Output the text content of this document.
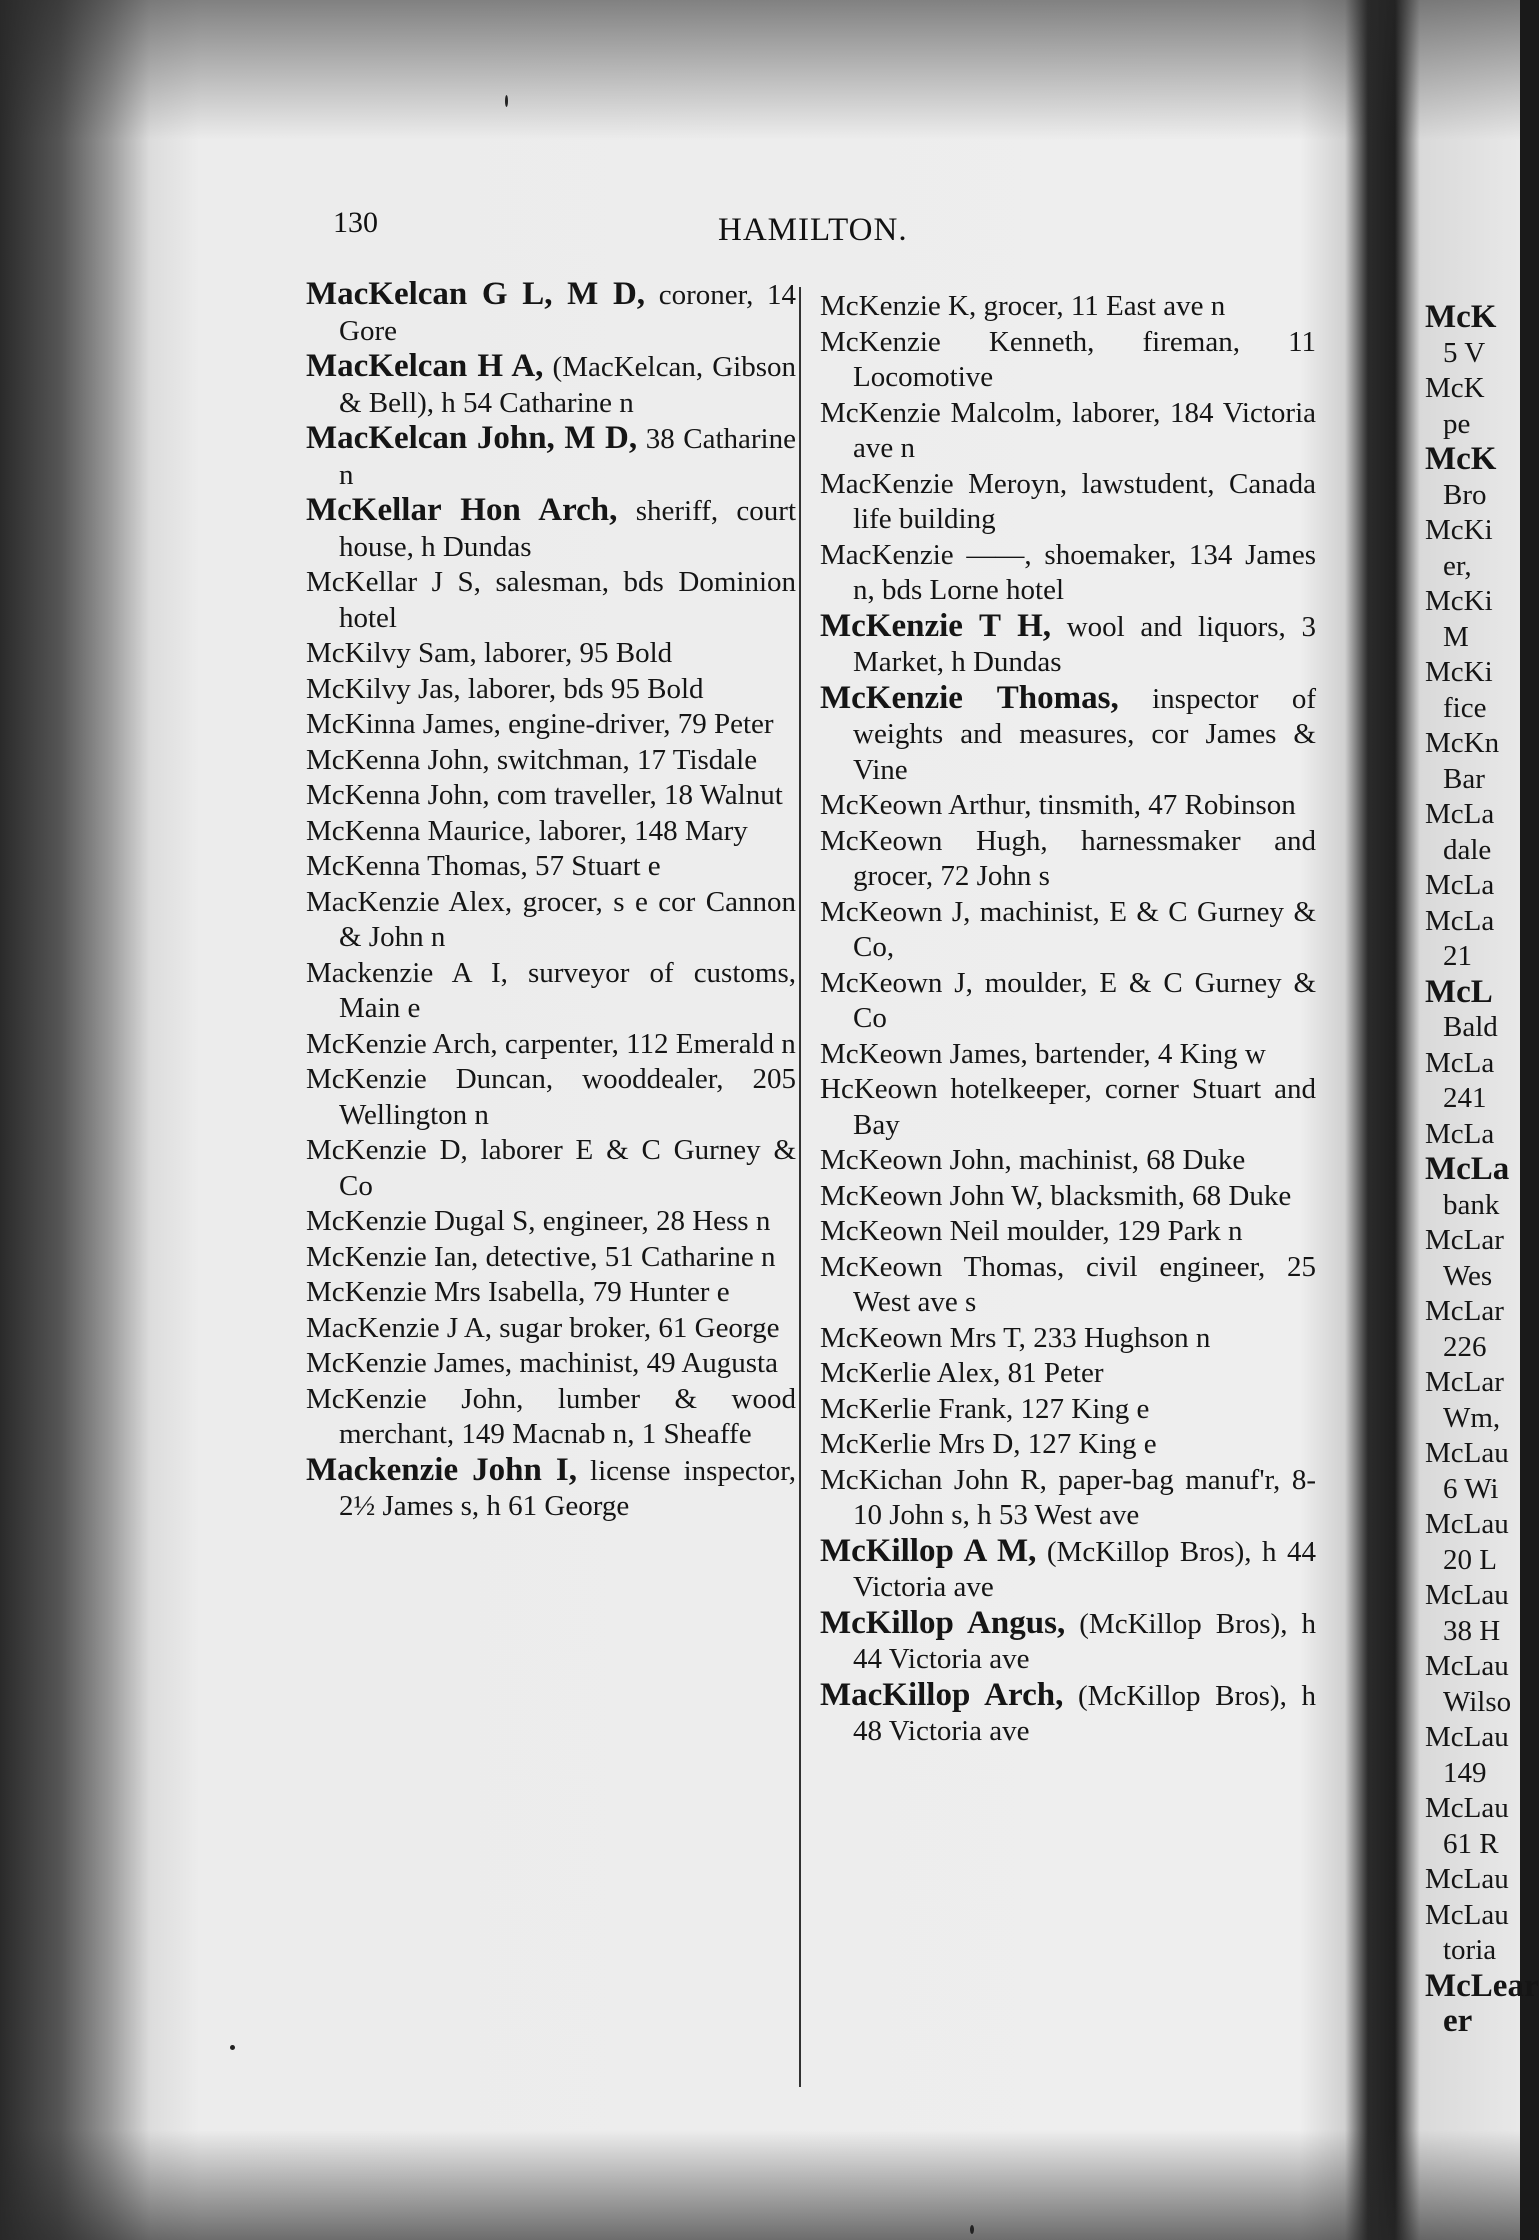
130	HAMILTON.
MacKelcan G L, M D, coroner, 14 Gore
MacKelcan H A, (MacKelcan, Gibson & Bell), h 54 Catharine n
MacKelcan John, M D, 38 Catharine n
McKellar Hon Arch, sheriff, court house, h Dundas
McKellar J S, salesman, bds Dominion hotel
McKilvy Sam, laborer, 95 Bold
McKilvy Jas, laborer, bds 95 Bold
McKinna James, engine-driver, 79 Peter
McKenna John, switchman, 17 Tisdale
McKenna John, com traveller, 18 Walnut
McKenna Maurice, laborer, 148 Mary
McKenna Thomas, 57 Stuart e
MacKenzie Alex, grocer, s e cor Cannon & John n
Mackenzie A I, surveyor of customs, Main e
McKenzie Arch, carpenter, 112 Emerald n
McKenzie Duncan, wooddealer, 205 Wellington n
McKenzie D, laborer E & C Gurney & Co
McKenzie Dugal S, engineer, 28 Hess n
McKenzie Ian, detective, 51 Catharine n
McKenzie Mrs Isabella, 79 Hunter e
MacKenzie J A, sugar broker, 61 George
McKenzie James, machinist, 49 Augusta
McKenzie John, lumber & wood merchant, 149 Macnab n, 1 Sheaffe
Mackenzie John I, license inspector, 2½ James s, h 61 George
McKenzie K, grocer, 11 East ave n
McKenzie Kenneth, fireman, 11 Locomotive
McKenzie Malcolm, laborer, 184 Victoria ave n
MacKenzie Meroyn, lawstudent, Canada life building
MacKenzie ——, shoemaker, 134 James n, bds Lorne hotel
McKenzie T H, wool and liquors, 3 Market, h Dundas
McKenzie Thomas, inspector of weights and measures, cor James & Vine
McKeown Arthur, tinsmith, 47 Robinson
McKeown Hugh, harnessmaker and grocer, 72 John s
McKeown J, machinist, E & C Gurney & Co,
McKeown J, moulder, E & C Gurney & Co
McKeown James, bartender, 4 King w
HcKeown hotelkeeper, corner Stuart and Bay
McKeown John, machinist, 68 Duke
McKeown John W, blacksmith, 68 Duke
McKeown Neil moulder, 129 Park n
McKeown Thomas, civil engineer, 25 West ave s
McKeown Mrs T, 233 Hughson n
McKerlie Alex, 81 Peter
McKerlie Frank, 127 King e
McKerlie Mrs D, 127 King e
McKichan John R, paper-bag manuf'r, 8-10 John s, h 53 West ave
McKillop A M, (McKillop Bros), h 44 Victoria ave
McKillop Angus, (McKillop Bros), h 44 Victoria ave
MacKillop Arch, (McKillop Bros), h 48 Victoria ave
McK
5 V
McK
pe
McK
Bro
McKi
er,
McKi
M
McKi
fice
McKn
Bar
McLa
dale
McLa
McLa
21
McL
Bald
McLa
241
McLa
McLa
bank
McLar
Wes
McLar
226
McLar
Wm,
McLau
6 Wi
McLau
20 L
McLau
38 H
McLau
Wilso
McLau
149
McLau
61 R
McLau
McLau
toria
McLear
er
